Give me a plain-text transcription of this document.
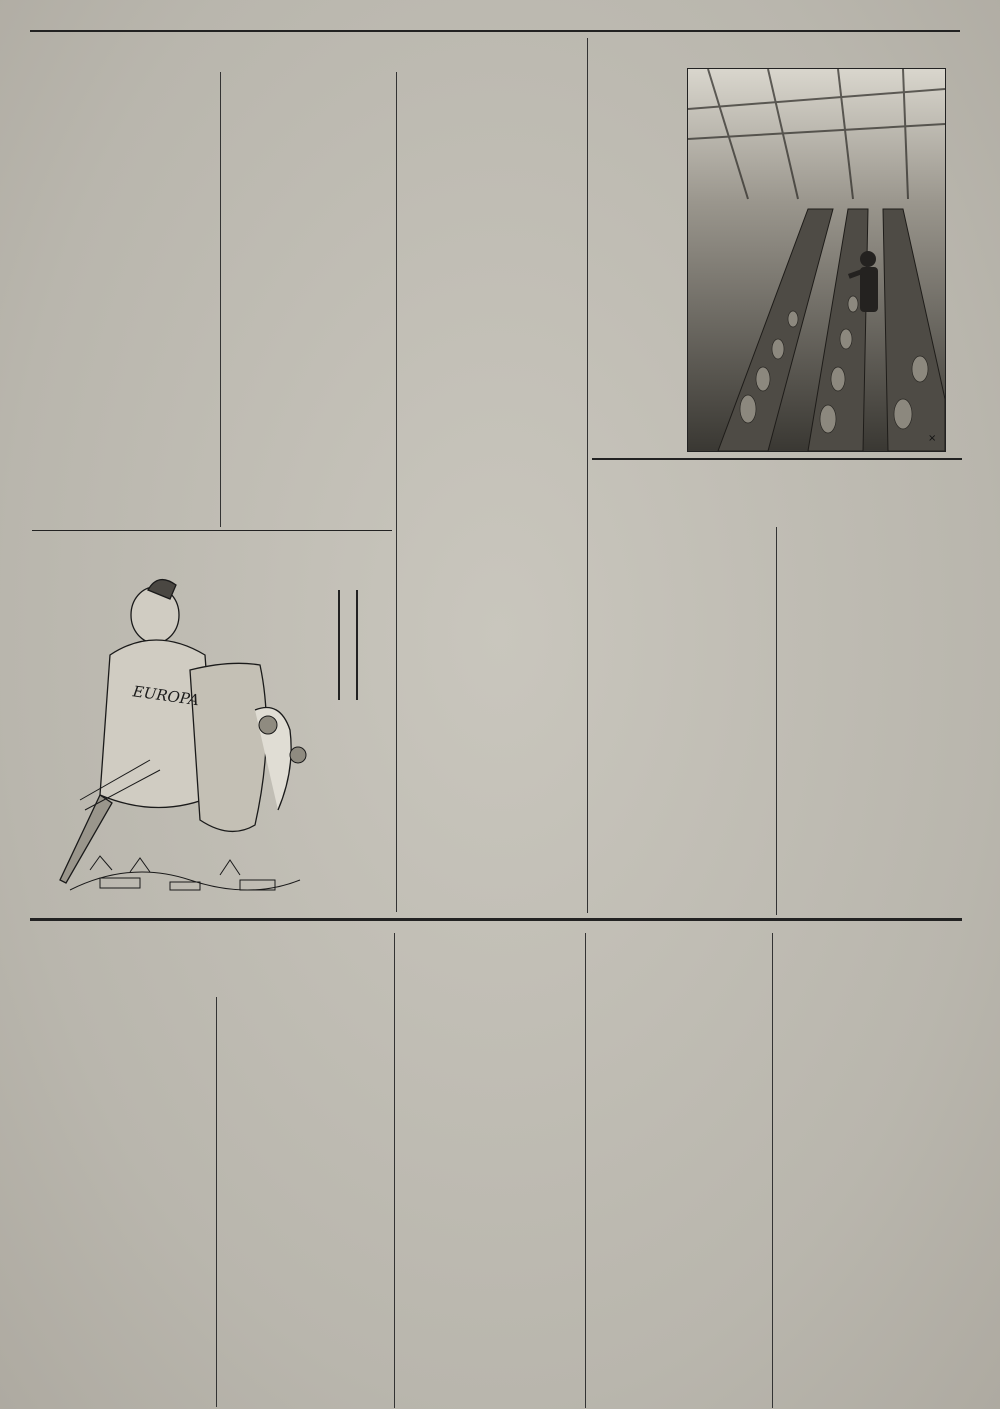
×

EUROPA
